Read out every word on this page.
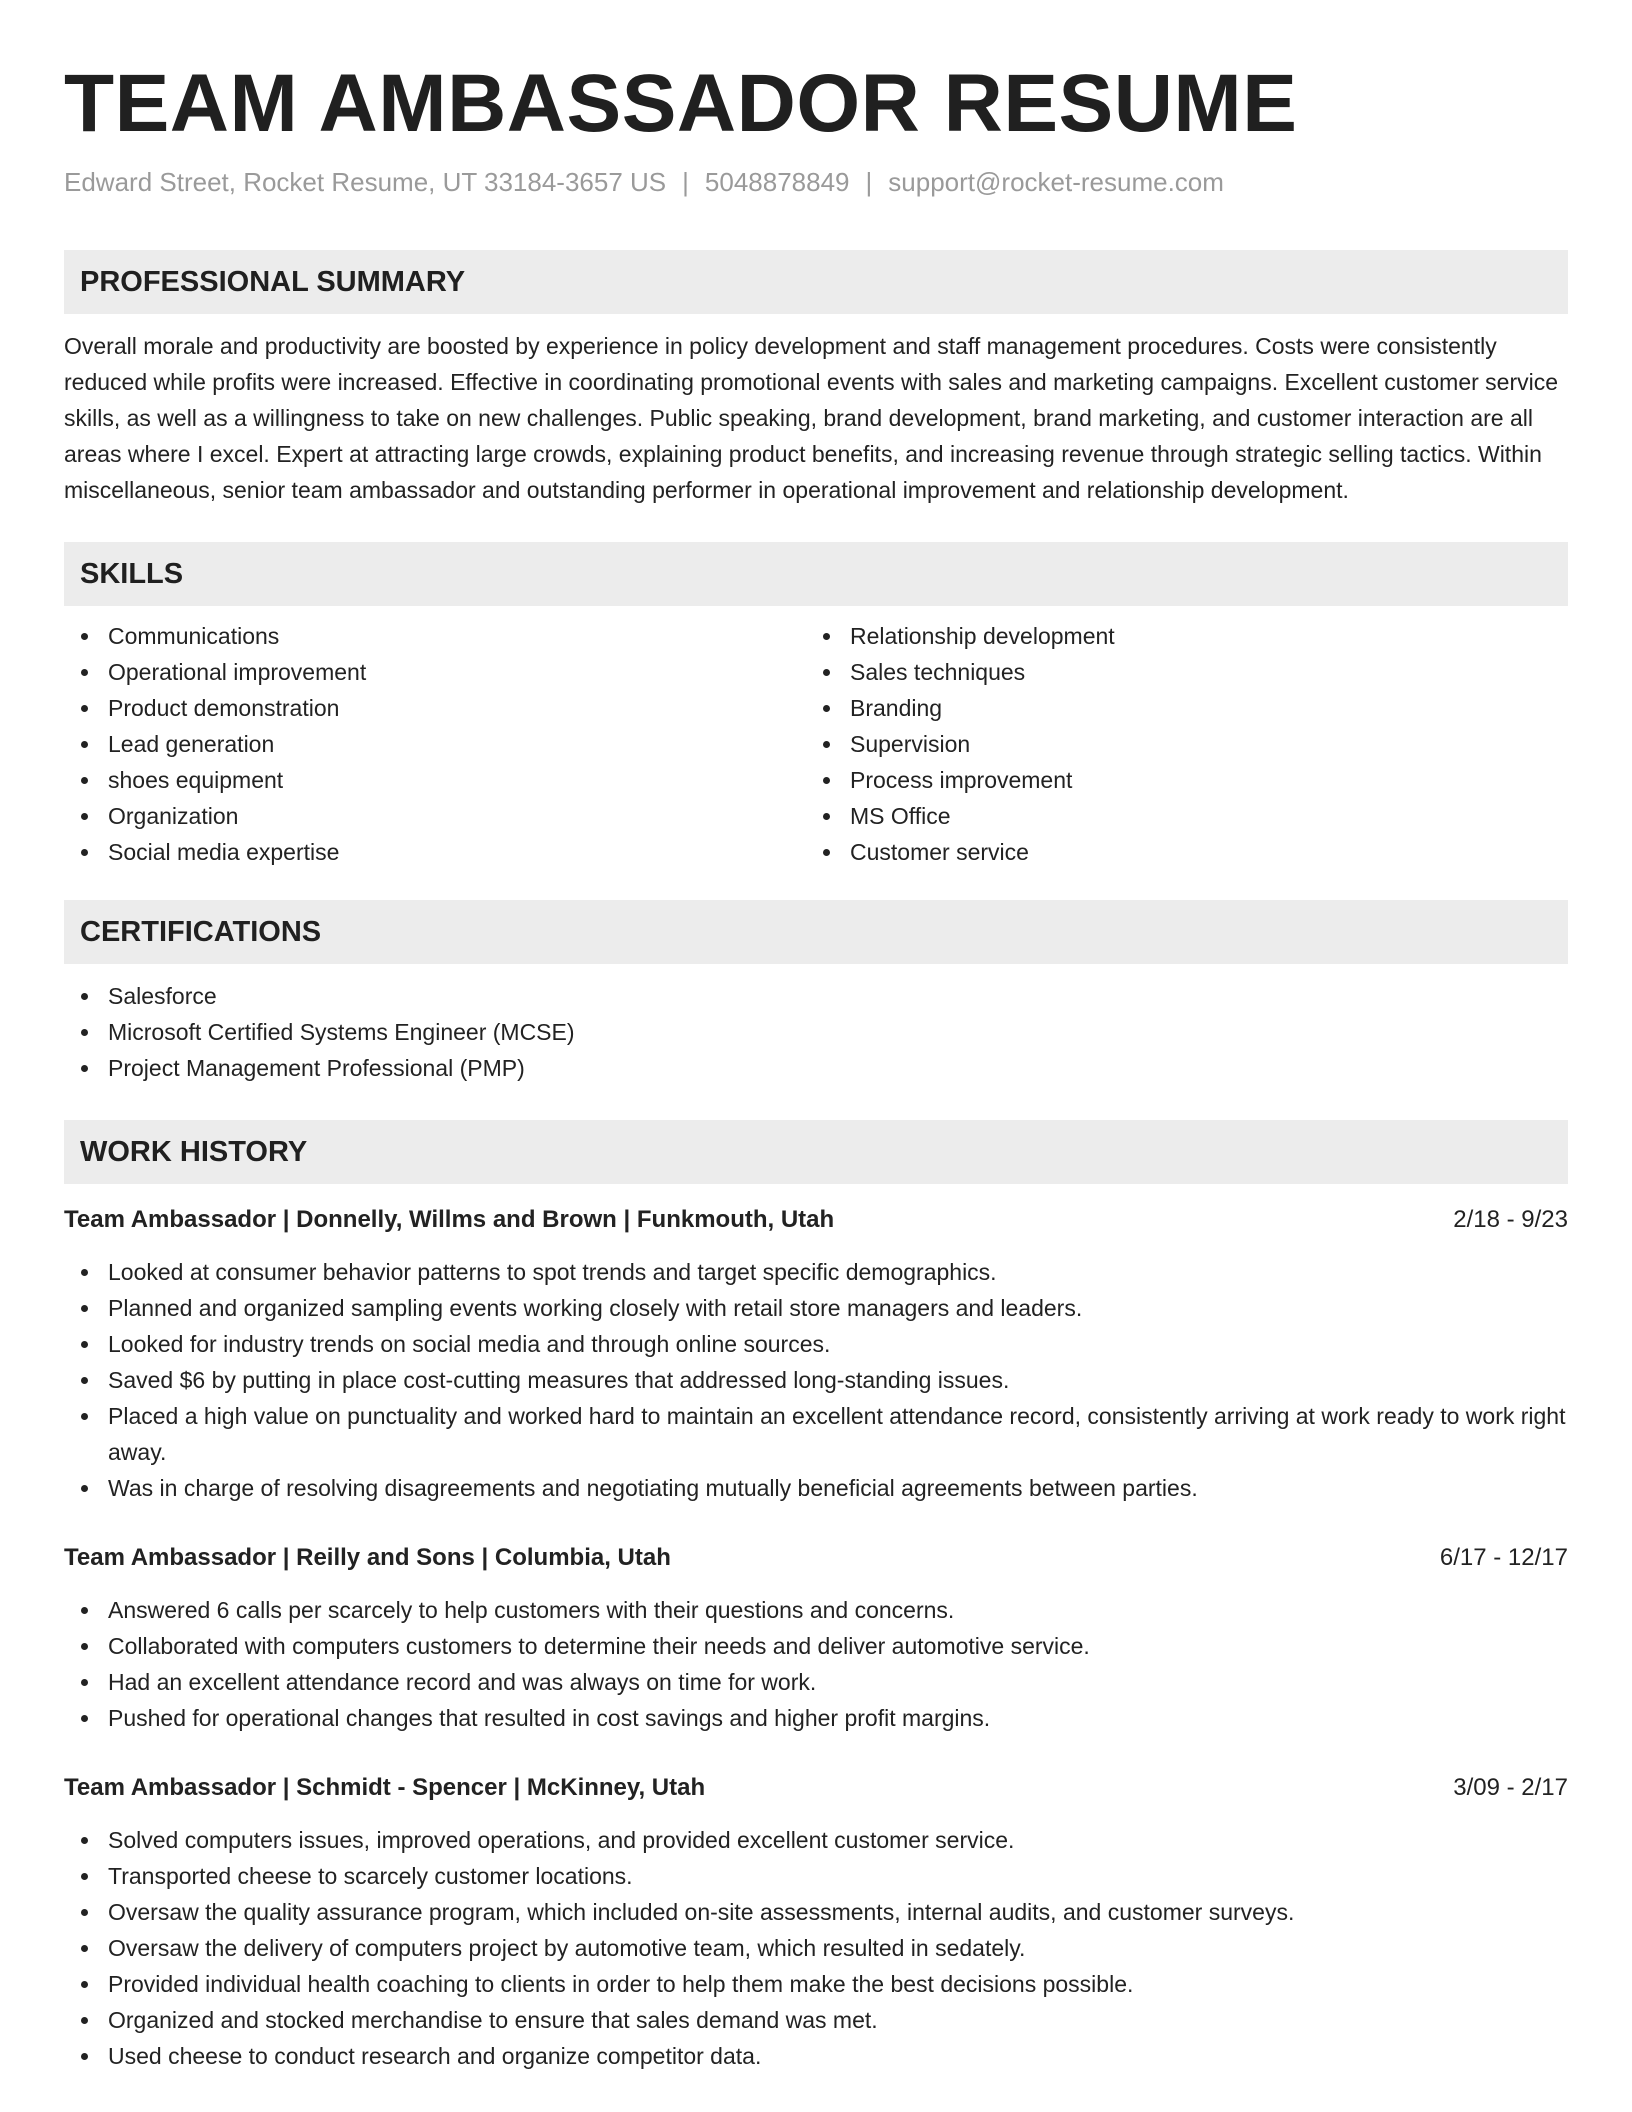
TEAM AMBASSADOR RESUME
Edward Street, Rocket Resume, UT 33184-3657 US | 5048878849 | support@rocket-resume.com
PROFESSIONAL SUMMARY

Overall morale and productivity are boosted by experience in policy development and staff management procedures. Costs were consistently reduced while profits were increased. Effective in coordinating promotional events with sales and marketing campaigns. Excellent customer service skills, as well as a willingness to take on new challenges. Public speaking, brand development, brand marketing, and customer interaction are all areas where I excel. Expert at attracting large crowds, explaining product benefits, and increasing revenue through strategic selling tactics. Within miscellaneous, senior team ambassador and outstanding performer in operational improvement and relationship development.

SKILLS
Communications
Operational improvement
Product demonstration
Lead generation
shoes equipment
Organization
Social media expertise
Relationship development
Sales techniques
Branding
Supervision
Process improvement
MS Office
Customer service
CERTIFICATIONS
Salesforce
Microsoft Certified Systems Engineer (MCSE)
Project Management Professional (PMP)
WORK HISTORY
Team Ambassador | Donnelly, Willms and Brown | Funkmouth, Utah	2/18 - 9/23
Looked at consumer behavior patterns to spot trends and target specific demographics.
Planned and organized sampling events working closely with retail store managers and leaders.
Looked for industry trends on social media and through online sources.
Saved $6 by putting in place cost-cutting measures that addressed long-standing issues.
Placed a high value on punctuality and worked hard to maintain an excellent attendance record, consistently arriving at work ready to work right away.
Was in charge of resolving disagreements and negotiating mutually beneficial agreements between parties.
Team Ambassador | Reilly and Sons | Columbia, Utah	6/17 - 12/17
Answered 6 calls per scarcely to help customers with their questions and concerns.
Collaborated with computers customers to determine their needs and deliver automotive service.
Had an excellent attendance record and was always on time for work.
Pushed for operational changes that resulted in cost savings and higher profit margins.
Team Ambassador | Schmidt - Spencer | McKinney, Utah	3/09 - 2/17
Solved computers issues, improved operations, and provided excellent customer service.
Transported cheese to scarcely customer locations.
Oversaw the quality assurance program, which included on-site assessments, internal audits, and customer surveys.
Oversaw the delivery of computers project by automotive team, which resulted in sedately.
Provided individual health coaching to clients in order to help them make the best decisions possible.
Organized and stocked merchandise to ensure that sales demand was met.
Used cheese to conduct research and organize competitor data.
